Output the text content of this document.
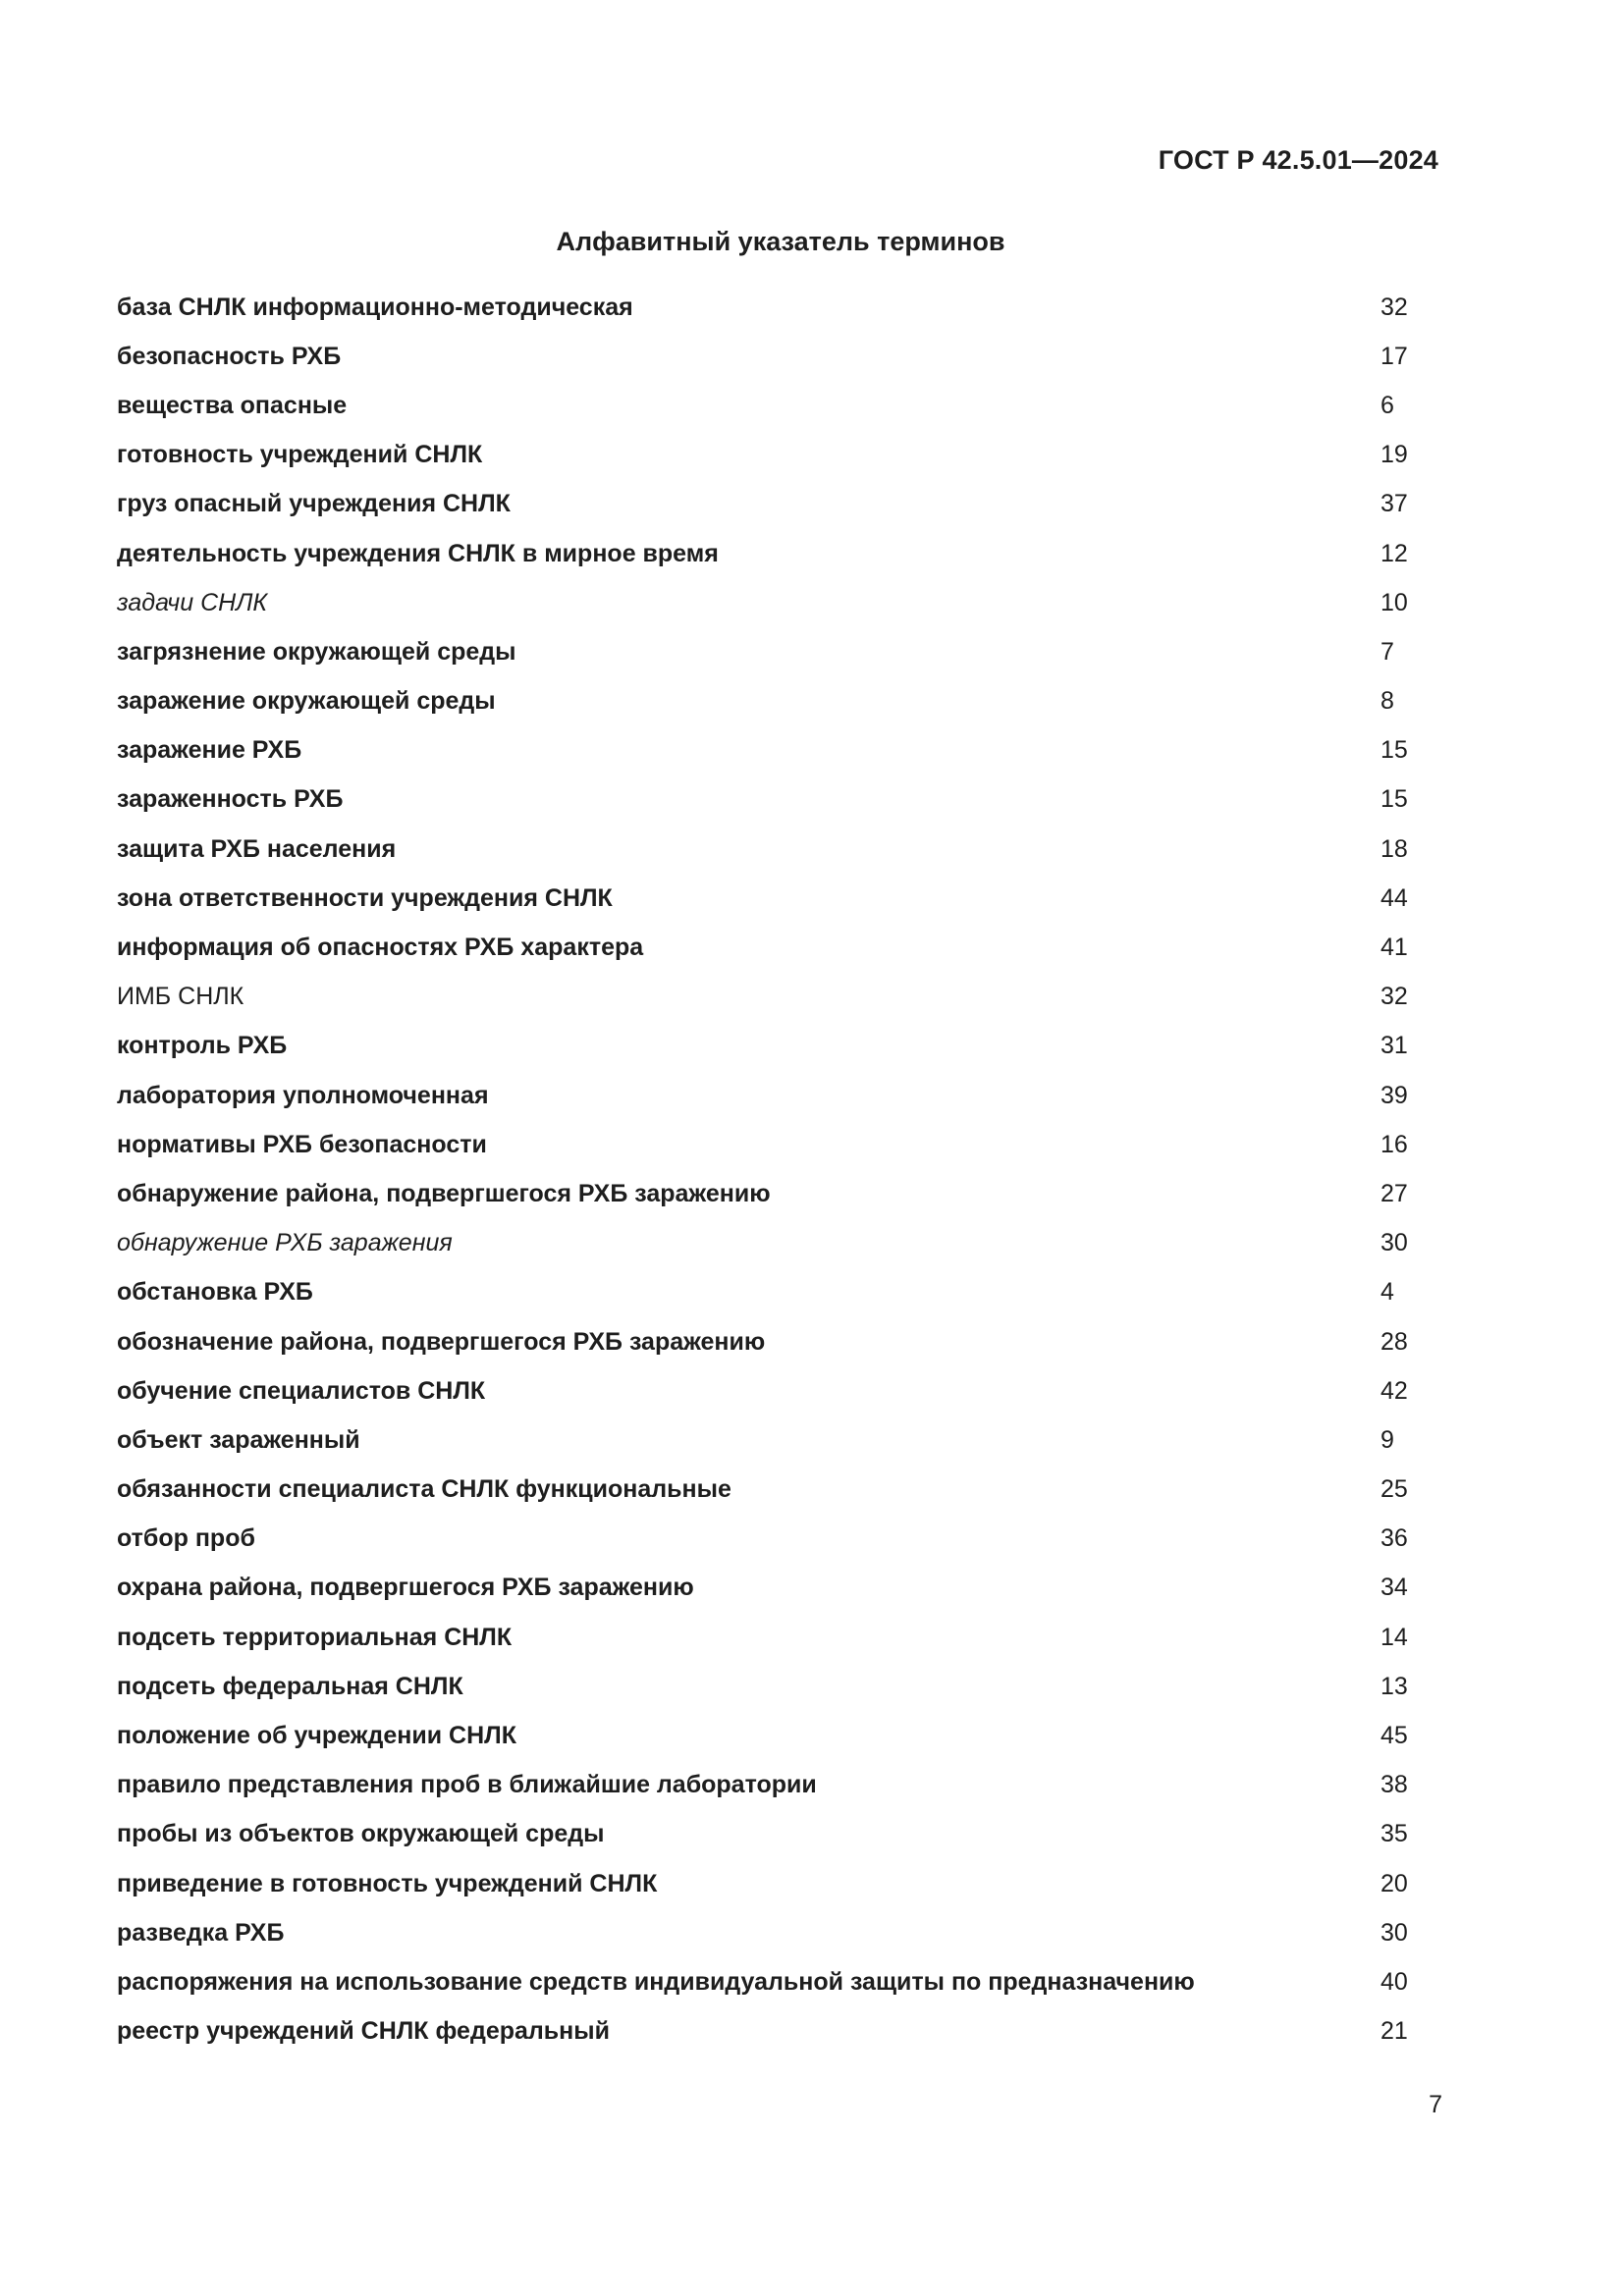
ГОСТ Р 42.5.01—2024
Алфавитный указатель терминов
база СНЛК информационно-методическая	32
безопасность РХБ	17
вещества опасные	6
готовность учреждений СНЛК	19
груз опасный учреждения СНЛК	37
деятельность учреждения СНЛК в мирное время	12
задачи СНЛК	10
загрязнение окружающей среды	7
заражение окружающей среды	8
заражение РХБ	15
зараженность РХБ	15
защита РХБ населения	18
зона ответственности учреждения СНЛК	44
информация об опасностях РХБ характера	41
ИМБ СНЛК	32
контроль РХБ	31
лаборатория уполномоченная	39
нормативы РХБ безопасности	16
обнаружение района, подвергшегося РХБ заражению	27
обнаружение РХБ заражения	30
обстановка РХБ	4
обозначение района, подвергшегося РХБ заражению	28
обучение специалистов СНЛК	42
объект зараженный	9
обязанности специалиста СНЛК функциональные	25
отбор проб	36
охрана района, подвергшегося РХБ заражению	34
подсеть территориальная СНЛК	14
подсеть федеральная СНЛК	13
положение об учреждении СНЛК	45
правило представления проб в ближайшие лаборатории	38
пробы из объектов окружающей среды	35
приведение в готовность учреждений СНЛК	20
разведка РХБ	30
распоряжения на использование средств индивидуальной защиты по предназначению	40
реестр учреждений СНЛК федеральный	21
7
